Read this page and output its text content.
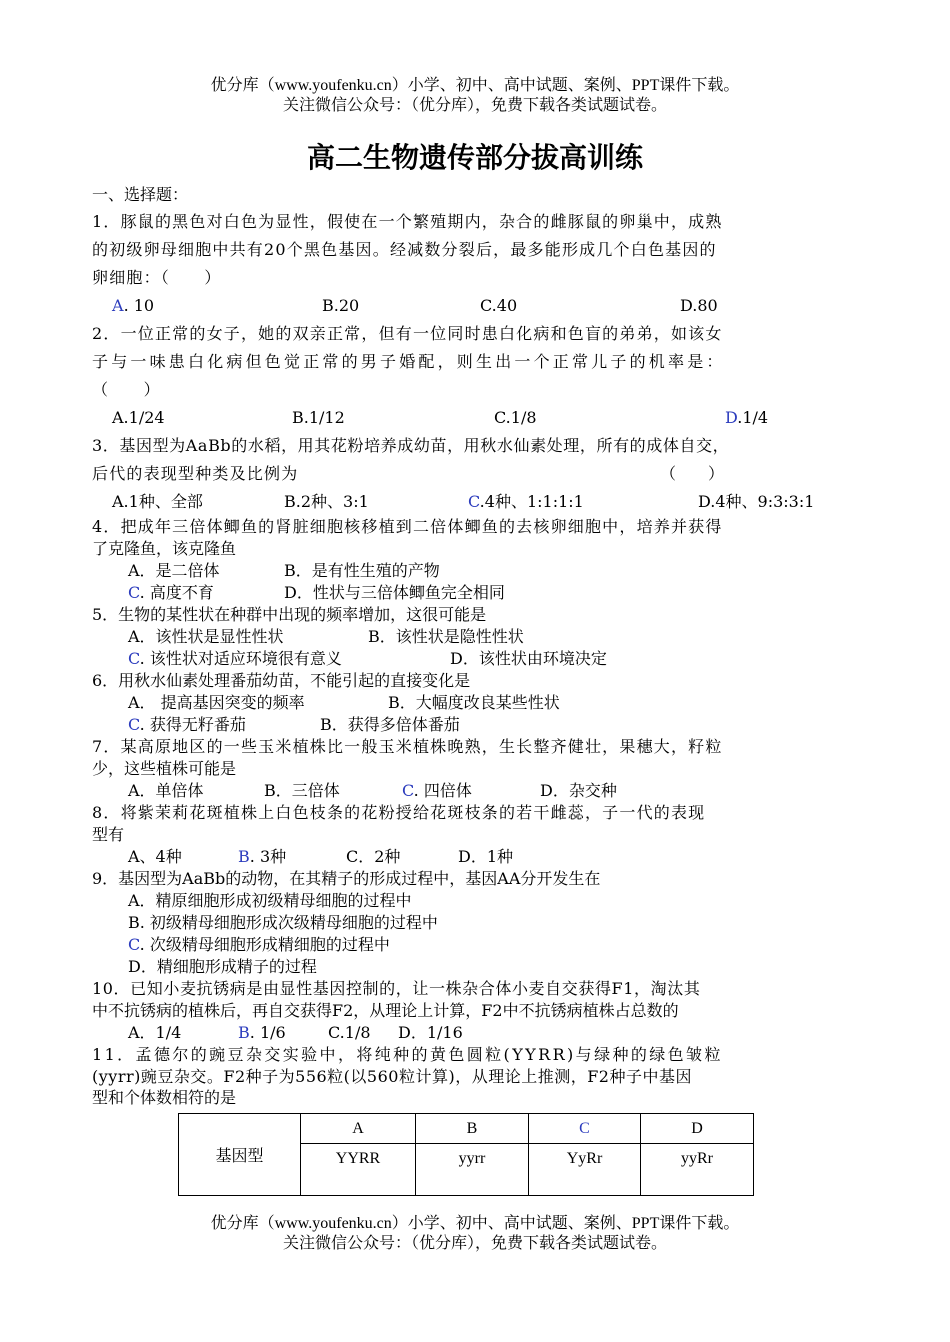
优分库（www.youfenku.cn）小学、初中、高中试题、案例、PPT课件下载。
关注微信公众号：（优分库），免费下载各类试题试卷。
高二生物遗传部分拔高训练

一、选择题：

1．豚鼠的黑色对白色为显性，假使在一个繁殖期内，杂合的雌豚鼠的卵巢中，成熟

的初级卵母细胞中共有20个黑色基因。经减数分裂后，最多能形成几个白色基因的

卵细胞：（　　）

A. 10	B.20	C.40	D.80

2．一位正常的女子，她的双亲正常，但有一位同时患白化病和色盲的弟弟，如该女

子与一味患白化病但色觉正常的男子婚配，则生出一个正常儿子的机率是：

（　　）

A.1/24	B.1/12	C.1/8	D.1/4

3．基因型为AaBb的水稻，用其花粉培养成幼苗，用秋水仙素处理，所有的成体自交，

后代的表现型种类及比例为	（　　）
A.1种、全部	B.2种、3:1	C.4种、1:1:1:1	D.4种、9:3:3:1

4．把成年三倍体鲫鱼的肾脏细胞核移植到二倍体鲫鱼的去核卵细胞中，培养并获得

了克隆鱼，该克隆鱼

A．是二倍体	B．是有性生殖的产物
C. 高度不育	D．性状与三倍体鲫鱼完全相同

5．生物的某性状在种群中出现的频率增加，这很可能是

A．该性状是显性性状	B．该性状是隐性性状
C. 该性状对适应环境很有意义	D．该性状由环境决定

6．用秋水仙素处理番茄幼苗，不能引起的直接变化是

A． 提高基因突变的频率	B．大幅度改良某些性状
C. 获得无籽番茄	B．获得多倍体番茄

7．某高原地区的一些玉米植株比一般玉米植株晚熟，生长整齐健壮，果穗大，籽粒

少，这些植株可能是

A．单倍体	B．三倍体	C. 四倍体	D．杂交种

8．将紫茉莉花斑植株上白色枝条的花粉授给花斑枝条的若干雌蕊，子一代的表现

型有

A、4种	B. 3种	C．2种	D．1种

9．基因型为AaBb的动物，在其精子的形成过程中，基因AA分开发生在

A．精原细胞形成初级精母细胞的过程中

B. 初级精母细胞形成次级精母细胞的过程中

C. 次级精母细胞形成精细胞的过程中

D．精细胞形成精子的过程

10．已知小麦抗锈病是由显性基因控制的，让一株杂合体小麦自交获得F1，淘汰其

中不抗锈病的植株后，再自交获得F2，从理论上计算，F2中不抗锈病植株占总数的

A．1/4	B. 1/6	C.1/8 D．1/16

11．孟德尔的豌豆杂交实验中，将纯种的黄色圆粒(YYRR)与绿种的绿色皱粒

(yyrr)豌豆杂交。F2种子为556粒(以560粒计算)，从理论上推测，F2种子中基因

型和个体数相符的是

基因型	A	B	C	D
	YYRR	yyrr	YyRr	yyRr
优分库（www.youfenku.cn）小学、初中、高中试题、案例、PPT课件下载。
关注微信公众号：（优分库），免费下载各类试题试卷。
